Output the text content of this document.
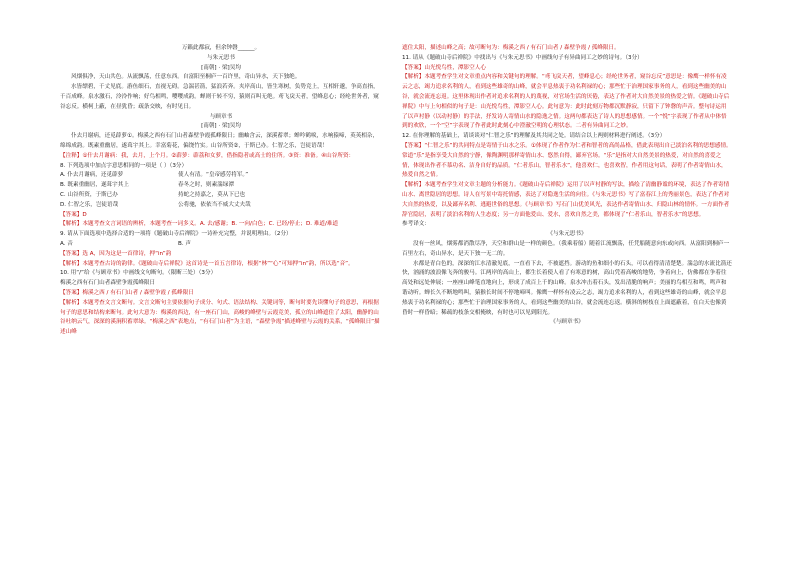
万籁此都寂，但余钟磬______。

与朱元思书

[南朝] · 梁]吴均

风烟俱净，天山共色。从流飘荡，任意东西。自富阳至桐庐一百许里，奇山异水，天下独绝。

水皆缥碧，千丈见底。游鱼细石，直视无碍。急湍甚箭，猛浪若奔。夹岸高山，皆生寒树，负势竞上，互相轩邈，争高直指，千百成峰。泉水激石，泠泠作响；好鸟相鸣，嘤嘤成韵。蝉则千转不穷，猿则百叫无绝。鸢飞戾天者，望峰息心；经纶世务者，窥谷忘反。横柯上蔽，在昼犹昏；疏条交映，有时见日。

与顾章书

[南朝] · 梁]吴均

仆去月谢病，还觅薜萝①。梅溪之西有石门山者森壁争霞孤峰限日；幽岫含云，深溪蓄翠；蝉吟鹤唳，水响猿啼，英英相杂，绵绵成韵。既素重幽居，遂葺宇其上。幸富菊花，偏饶竹实。山谷所资②，于斯已办。仁智之乐，岂徒语哉！

【注释】①什去月谢病：我，去月，上个月。②薜萝：薜荔和女萝，借指隐者或高士的住所。③资：准备。④山谷所资：

8. 下列选项中加点字意思相同的一项是（ ）（3分）

A. 仆去月谢病，还觅薜萝	使人有清。“皇帝感劳将军。”
B. 既素重幽居，遂葺宇其上	春冬之时，则素湍绿潭
C. 山谷所资，于斯已办	持蛇之持嘉之，莫从下已也
D. 仁智之乐，岂徒语哉	公将驰，依依当不威大丈夫哉

【答案】D

【解析】本题考查文言词语的辨析，本题考查一词多义。A. 去/感谢；B. 一向/白色；C. 已经/停止；D. 难道/难道

9. 请从下面选项中选择合适的一项将《题破山寺后禅院》一诗补充完整，并说明理由。（2分）

A. 音	B. 声

【答案】选 A，因为这是一首律诗，押“in”韵

【解析】本题考查古诗的韵律。《题破山寺后禅院》这首诗是一首五言律诗，根据“林”“心”可知押“in”韵，所以选“音”。

10. 用“/”给《与顾章书》中画线文句断句。（限断三处）（3分）

梅溪之西有石门山者森壁争霞孤峰限日

【答案】梅溪之西 / 有石门山者 / 森壁争霞 / 孤峰限日

【解析】本题考查文言文断句。文言文断句主要依据句子成分、句式、语法结构、关键词等，断句时要先读懂句子的意思，再根据句子的意思和结构来断句。此句大意为：梅溪的西边，有一座石门山，高峻的峰壁与云霞竞美，孤立的山峰遮住了太阳，幽静的山谷吐纳云气，深深的溪涧积蓄翠绿。“梅溪之西”表地点，“有石门山者”为主语，“森壁争霞”描述峰壁与云霞的关系，“孤峰限日”描述山峰

遮住太阳，描述山峰之高；故可断句为：梅溪之西 / 有石门山者 / 森壁争霞 / 孤峰限日。

11. 请从《题破山寺后禅院》中找出与《与朱元思书》中画线句子有异曲同工之妙的诗句。（3分）

【答案】山光悦鸟性，潭影空人心

【解析】本题考查学生对文章重点内容和关键句的理解。“鸢飞戾天者，望峰息心；经纶世务者，窥谷忘反”意思是：像鹰一样怀有凌云之志，竭力追求名利的人，看到这些雄奇的山峰，就会平息热衷于功名利禄的心；那些忙于治理国家事务的人，看到这些幽美的山谷，就会流连忘返。这里体现出作者对追求名利的人的蔑视，对官场生活的厌倦，表达了作者对大自然美景的热爱之情。《题破山寺后禅院》中与上句相似的句子是：山光悦鸟性，潭影空人心。此句意为：此时此刻万物都沉默静寂，只留下了钟磬的声音。整句诗运用了以声衬静（以动衬静）的手法，抒发诗人寄情山水的隐逸之情。这两句都表达了诗人的思想感情。一个“悦”字表现了作者从中体悟到的欢欣，一个“空”字表现了作者此时此刻心中澄澈空明的心理状态。二者有异曲同工之妙。

12. 在你理解的基础上，请谈谈对“仁智之乐”的理解及其共同之处。请结合以上两则材料进行阐述。（3分）

【答案】“仁智之乐”的共同特点是寄情于山水之乐。①体现了作者作为仁者和智者的高尚品格，借此表现出自己淡泊名利的思想感情。常道“乐”是指享受大自然的宁静，像陶渊明那样寄情山水、悠然自得，鄙弃官场。“乐”是指对大自然美景的热爱，对自然的喜爱之情，体现出作者不慕功名、洁身自好的品质。“仁者乐山，智者乐水”，他喜欢仁，也喜欢智，作者用这句话，表明了作者寄情山水，热爱自然之情。

【解析】本题考查学生对文章主题的分析能力。《题破山寺后禅院》运用了以声衬静的写法，描绘了清幽静谧的环境，表达了作者寄情山水、离世隐居的思想。诗人在写景中寄托情感，表达了对隐逸生活的向往。《与朱元思书》写了富春江上的秀丽景色，表达了作者对大自然的热爱，以及鄙弃名利、逃避世俗的思想。《与顾章书》写石门山优美风光，表达作者寄情山水、归隐山林的情怀。一方面作者辞官隐居，表明了淡泊名利的人生态度；另一方面他爱山、爱水，喜欢自然之美，都体现了“仁者乐山，智者乐水”的思想。

参考译文：

《与朱元思书》

没有一丝风，烟雾都消散尽净，天空和群山是一样的颜色。（我乘着船）随着江流飘荡，任凭船随意向东或向西。从富阳到桐庐一百里左右，奇山异水，是天下独一无二的。

水都是青白色的，深深的江水清澈见底，一直看下去，不被遮挡。游动的鱼和细小的石头，可以看得清清楚楚。湍急的水流比箭还快，汹涌的波浪像飞奔的骏马。江两岸的高山上，都生长着使人看了有寒意的树，高山凭着高峻的地势，争着向上，仿佛都在争着往高处和远处伸展；一座座山峰笔直地向上，形成了成百上千的山峰。泉水冲击着石头，发出清脆的响声；美丽的鸟相互和鸣，鸣声和谐动听。蝉长久不断地鸣叫，猿猴长时间不停地啼叫。像鹰一样怀有凌云之志，竭力追求名利的人，看到这些雄奇的山峰，就会平息热衷于功名利禄的心；那些忙于治理国家事务的人，看到这些幽美的山谷，就会流连忘返。横斜的树枝在上面遮蔽着，在白天也像黄昏时一样昏暗；稀疏的枝条交相掩映，有时也可以见到阳光。

《与顾章书》
